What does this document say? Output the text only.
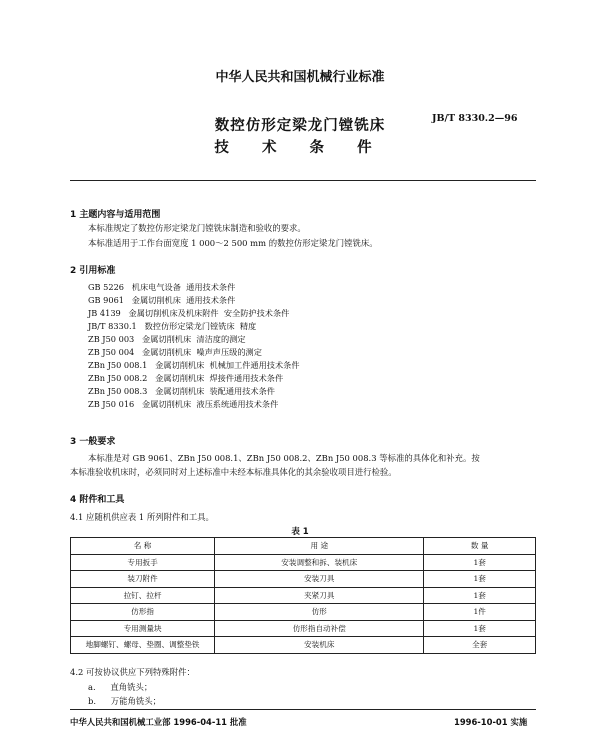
中华人民共和国机械行业标准
数控仿形定梁龙门镗铣床
技 术 条 件
JB/T 8330.2—96
1 主题内容与适用范围
本标准规定了数控仿形定梁龙门镗铣床制造和验收的要求。
本标准适用于工作台面宽度 1 000～2 500 mm 的数控仿形定梁龙门镗铣床。
2 引用标准
GB 5226   机床电气设备  通用技术条件
GB 9061   金属切削机床  通用技术条件
JB 4139   金属切削机床及机床附件  安全防护技术条件
JB/T 8330.1   数控仿形定梁龙门镗铣床  精度
ZB J50 003   金属切削机床  清洁度的测定
ZB J50 004   金属切削机床  噪声声压级的测定
ZBn J50 008.1   金属切削机床  机械加工件通用技术条件
ZBn J50 008.2   金属切削机床  焊接件通用技术条件
ZBn J50 008.3   金属切削机床  装配通用技术条件
ZB J50 016   金属切削机床  液压系统通用技术条件
3 一般要求
本标准是对 GB 9061、ZBn J50 008.1、ZBn J50 008.2、ZBn J50 008.3 等标准的具体化和补充。按
本标准验收机床时，必须同时对上述标准中未经本标准具体化的其余验收项目进行检验。
4 附件和工具
4.1 应随机供应表 1 所列附件和工具。
表 1
名 称	用 途	数 量
专用扳手	安装调整和拆、装机床	1套
装刀附件	安装刀具	1套
拉钉、拉杆	夹紧刀具	1套
仿形指	仿形	1件
专用测量块	仿形指自动补偿	1套
地脚螺钉、螺母、垫圈、调整垫铁	安装机床	全套
4.2 可按协议供应下列特殊附件：
a. 直角铣头；
b. 万能角铣头；
中华人民共和国机械工业部 1996-04-11 批准	1996-10-01 实施
